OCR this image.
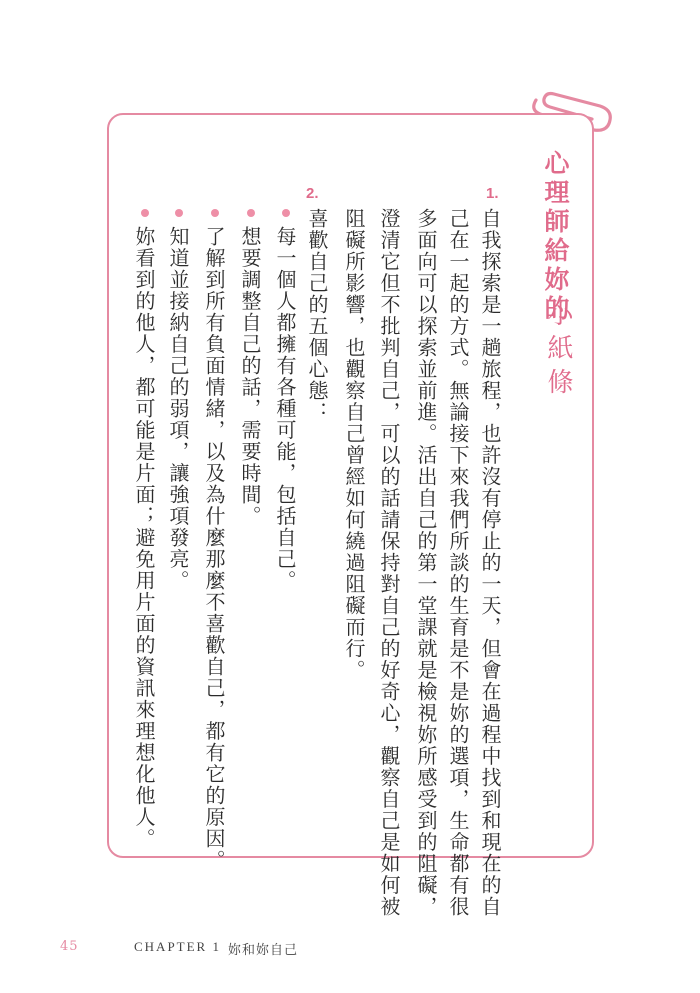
心理師給妳的
小紙條
1.
自我探索是一趟旅程，也許沒有停止的一天，但會在過程中找到和現在的自
己在一起的方式。無論接下來我們所談的生育是不是妳的選項，生命都有很
多面向可以探索並前進。活出自己的第一堂課就是檢視妳所感受到的阻礙，
澄清它但不批判自己，可以的話請保持對自己的好奇心，觀察自己是如何被
阻礙所影響，也觀察自己曾經如何繞過阻礙而行。
2.
喜歡自己的五個心態：
每一個人都擁有各種可能，包括自己。
想要調整自己的話，需要時間。
了解到所有負面情緒，以及為什麼那麼不喜歡自己，都有它的原因。
知道並接納自己的弱項，讓強項發亮。
妳看到的他人，都可能是片面；避免用片面的資訊來理想化他人。
45	CHAPTER 1 妳和妳自己
